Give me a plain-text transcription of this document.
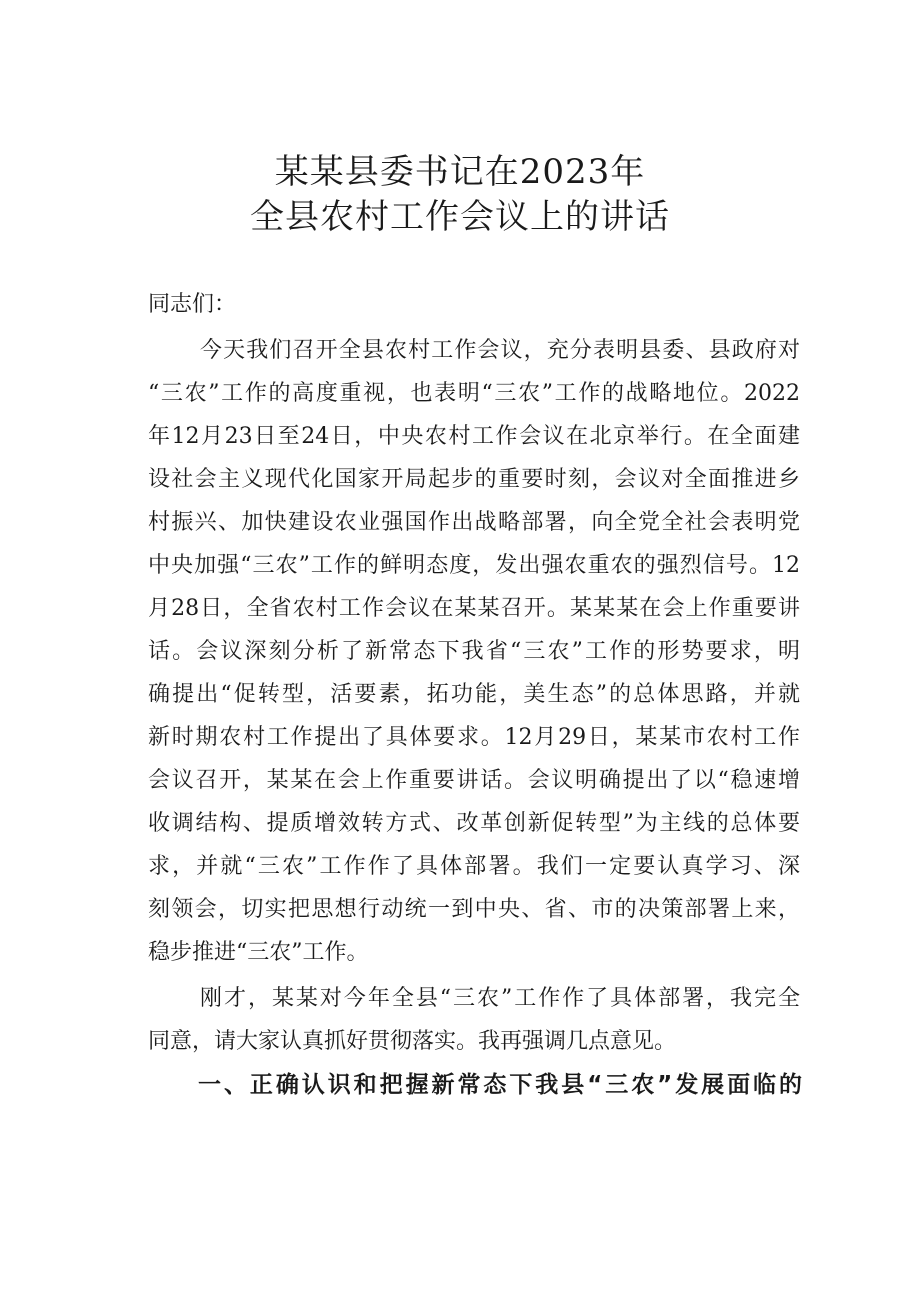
某某县委书记在2023年
全县农村工作会议上的讲话
同志们：
今天我们召开全县农村工作会议，充分表明县委、县政府对
“三农”工作的高度重视，也表明“三农”工作的战略地位。2022
年12月23日至24日，中央农村工作会议在北京举行。在全面建
设社会主义现代化国家开局起步的重要时刻，会议对全面推进乡
村振兴、加快建设农业强国作出战略部署，向全党全社会表明党
中央加强“三农”工作的鲜明态度，发出强农重农的强烈信号。12
月28日，全省农村工作会议在某某召开。某某某在会上作重要讲
话。会议深刻分析了新常态下我省“三农”工作的形势要求，明
确提出“促转型，活要素，拓功能，美生态”的总体思路，并就
新时期农村工作提出了具体要求。12月29日，某某市农村工作
会议召开，某某在会上作重要讲话。会议明确提出了以“稳速增
收调结构、提质增效转方式、改革创新促转型”为主线的总体要
求，并就“三农”工作作了具体部署。我们一定要认真学习、深
刻领会，切实把思想行动统一到中央、省、市的决策部署上来，
稳步推进“三农”工作。
刚才，某某对今年全县“三农”工作作了具体部署，我完全
同意，请大家认真抓好贯彻落实。我再强调几点意见。
一、正确认识和把握新常态下我县“三农”发展面临的
